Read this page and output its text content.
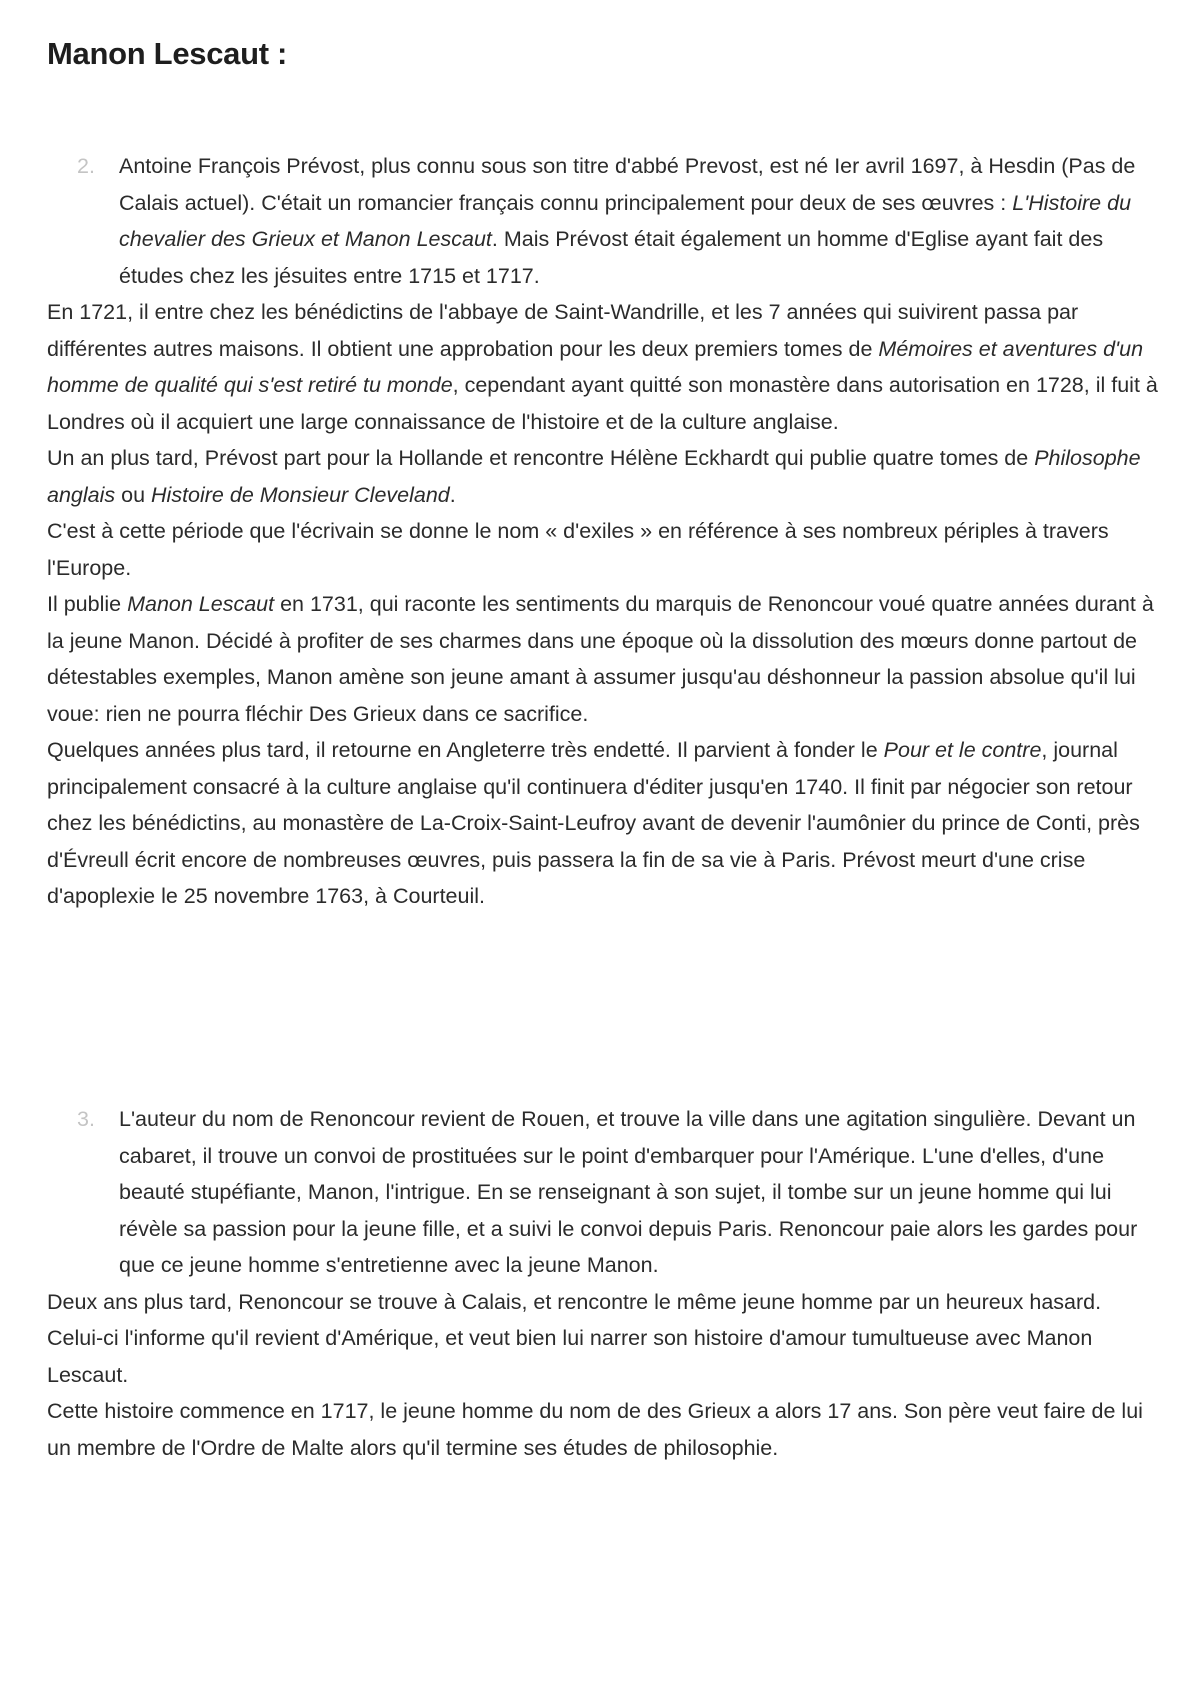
Manon Lescaut :
2. Antoine François Prévost, plus connu sous son titre d'abbé Prevost, est né Ier avril 1697, à Hesdin (Pas de Calais actuel). C'était un romancier français connu principalement pour deux de ses œuvres : L'Histoire du chevalier des Grieux et Manon Lescaut. Mais Prévost était également un homme d'Eglise ayant fait des études chez les jésuites entre 1715 et 1717.

En 1721, il entre chez les bénédictins de l'abbaye de Saint-Wandrille, et les 7 années qui suivirent passa par différentes autres maisons. Il obtient une approbation pour les deux premiers tomes de Mémoires et aventures d'un homme de qualité qui s'est retiré tu monde, cependant ayant quitté son monastère dans autorisation en 1728, il fuit à Londres où il acquiert une large connaissance de l'histoire et de la culture anglaise.

Un an plus tard, Prévost part pour la Hollande et rencontre Hélène Eckhardt qui publie quatre tomes de Philosophe anglais ou Histoire de Monsieur Cleveland.

C'est à cette période que l'écrivain se donne le nom « d'exiles » en référence à ses nombreux périples à travers l'Europe.

Il publie Manon Lescaut en 1731, qui raconte les sentiments du marquis de Renoncour voué quatre années durant à la jeune Manon. Décidé à profiter de ses charmes dans une époque où la dissolution des mœurs donne partout de détestables exemples, Manon amène son jeune amant à assumer jusqu'au déshonneur la passion absolue qu'il lui voue: rien ne pourra fléchir Des Grieux dans ce sacrifice.

Quelques années plus tard, il retourne en Angleterre très endetté. Il parvient à fonder le Pour et le contre, journal principalement consacré à la culture anglaise qu'il continuera d'éditer jusqu'en 1740. Il finit par négocier son retour chez les bénédictins, au monastère de La-Croix-Saint-Leufroy avant de devenir l'aumônier du prince de Conti, près d'Évreull écrit encore de nombreuses œuvres, puis passera la fin de sa vie à Paris. Prévost meurt d'une crise d'apoplexie le 25 novembre 1763, à Courteuil.

3. L'auteur du nom de Renoncour revient de Rouen, et trouve la ville dans une agitation singulière. Devant un cabaret, il trouve un convoi de prostituées sur le point d'embarquer pour l'Amérique. L'une d'elles, d'une beauté stupéfiante, Manon, l'intrigue. En se renseignant à son sujet, il tombe sur un jeune homme qui lui révèle sa passion pour la jeune fille, et a suivi le convoi depuis Paris. Renoncour paie alors les gardes pour que ce jeune homme s'entretienne avec la jeune Manon.

Deux ans plus tard, Renoncour se trouve à Calais, et rencontre le même jeune homme par un heureux hasard. Celui-ci l'informe qu'il revient d'Amérique, et veut bien lui narrer son histoire d'amour tumultueuse avec Manon Lescaut.

Cette histoire commence en 1717, le jeune homme du nom de des Grieux a alors 17 ans. Son père veut faire de lui un membre de l'Ordre de Malte alors qu'il termine ses études de philosophie.
